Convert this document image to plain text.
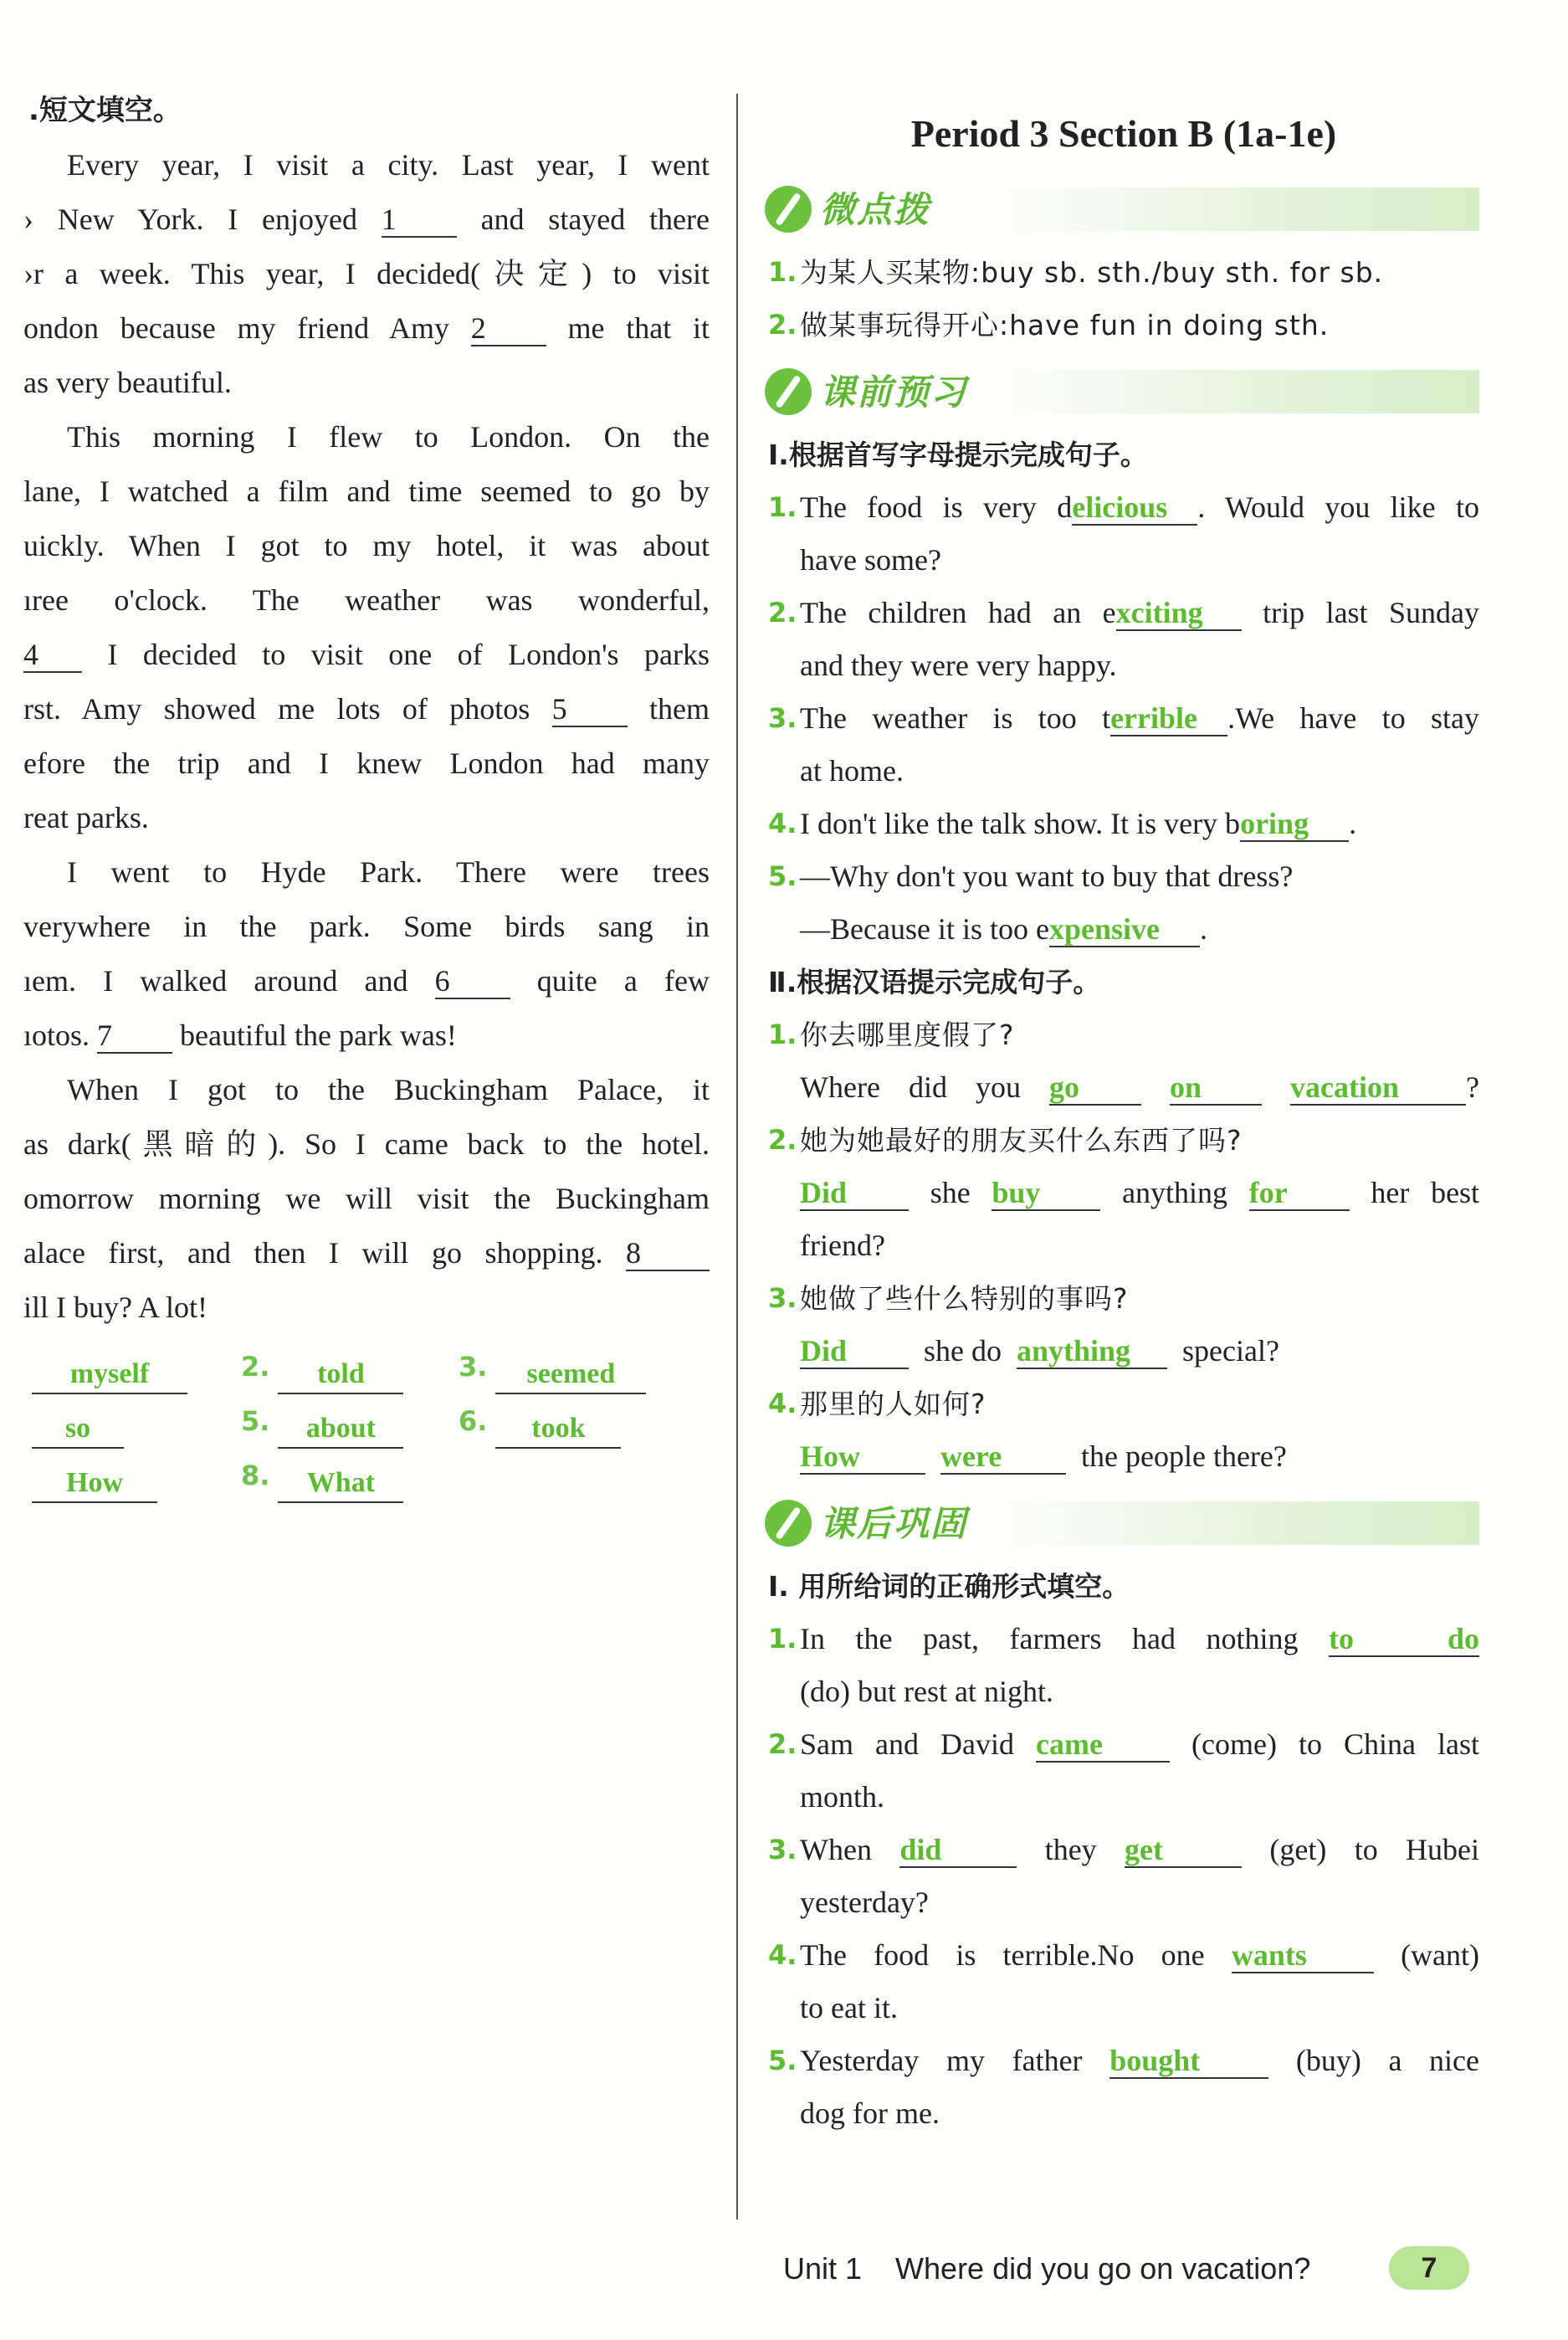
.短文填空。

Every year, I visit a city. Last year, I went

› New York. I enjoyed 1 and stayed there

›r a week. This year, I decided(决定) to visit

ondon because my friend Amy 2 me that it

as very beautiful.

This morning I flew to London. On the

lane, I watched a film and time seemed to go by

uickly. When I got to my hotel, it was about

ıree o'clock. The weather was wonderful,

4 I decided to visit one of London's parks

rst. Amy showed me lots of photos 5 them

efore the trip and I knew London had many

reat parks.

I went to Hyde Park. There were trees

verywhere in the park. Some birds sang in

ıem. I walked around and 6 quite a few

ıotos. 7 beautiful the park was!

When I got to the Buckingham Palace, it

as dark(黑暗的). So I came back to the hotel.

omorrow morning we will visit the Buckingham

alace first, and then I will go shopping. 8

ill I buy? A lot!

myself	2.	told	3.	seemed
so	5.	about	6.	took
How	8.	What
Period 3 Section B (1a-1e)
微点拨
1. 为某人买某物:buy sb. sth./buy sth. for sb.
2. 做某事玩得开心:have fun in doing sth.
课前预习
Ⅰ.根据首写字母提示完成句子。
1. The food is very delicious . Would you like to
have some?
2. The children had an exciting trip last Sunday
and they were very happy.
3. The weather is too terrible .We have to stay
at home.
4. I don't like the talk show. It is very boring .
5. —Why don't you want to buy that dress?
—Because it is too expensive .
Ⅱ.根据汉语提示完成句子。
1. 你去哪里度假了?
Where did you go	on	vacation ?
2. 她为她最好的朋友买什么东西了吗?
Did	she buy	anything for	her best
friend?
3. 她做了些什么特别的事吗?
Did	she do anything special?
4. 那里的人如何?
How	were	the people there?
课后巩固
Ⅰ. 用所给词的正确形式填空。
1. In the past, farmers had nothing to do
(do) but rest at night.
2. Sam and David came	(come) to China last
month.
3. When did	they get	(get) to Hubei
yesterday?
4. The food is terrible.No one wants	(want)
to eat it.
5. Yesterday my father bought	(buy) a nice
dog for me.
Unit 1    Where did you go on vacation?	7
